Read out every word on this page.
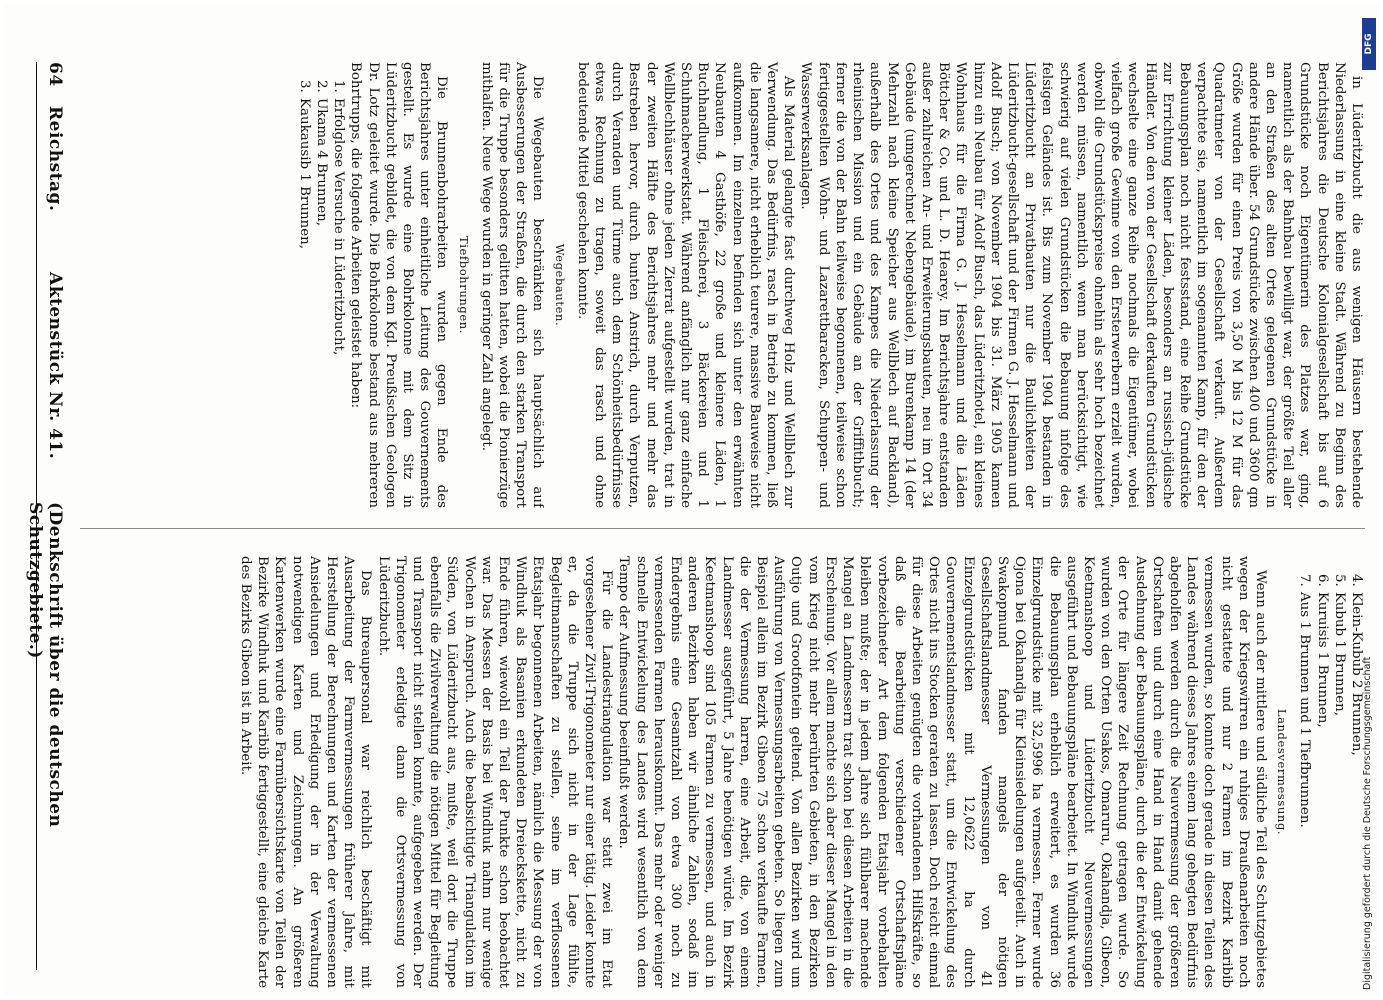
64
Reichstag.
Aktenstück Nr. 41.
(Denkschrift über die deutschen Schutzgebiete.)

in Lüderitzbucht die aus wenigen Häusern bestehende Niederlassung in eine kleine Stadt. Während zu Beginn des Berichtsjahres die Deutsche Kolonialgesellschaft bis auf 6 Grundstücke noch Eigentümerin des Platzes war, ging, namentlich als der Bahnbau bewilligt war, der größte Teil aller an den Straßen des alten Ortes gelegenen Grundstücke in andere Hände über. 54 Grundstücke zwischen 400 und 3600 qm Größe wurden für einen Preis von 3,50 M bis 12 M für das Quadratmeter von der Gesellschaft verkauft. Außerdem verpachtete sie, namentlich im sogenannten Kamp, für den der Bebauungsplan noch nicht festsstand, eine Reihe Grundstücke zur Errichtung kleiner Läden, besonders an russisch-jüdische Händler. Von den von der Gesellschaft derkauften Grundstücken wechselte eine ganze Reihe nochmals die Eigentümer, wobei vielfach große Gewinne von den Ersterwerbern erzielt wurden, obwohl die Grundstückspreise ohnehin als sehr hoch bezeichnet werden müssen, namentlich wenn man berücksichtigt, wie schwierig auf vielen Grundstücken die Bebauung infolge des felsigen Geländes ist. Bis zum November 1904 bestanden in Lüderitzbucht an Privatbauten nur die Baulichkeiten der Lüderitzbucht-gesellschaft und der Firmen G. J. Hesselmann und Adolf Busch; von November 1904 bis 31. März 1905 kamen hinzu ein Neubau für Adolf Busch, das Lüderitzhotel, ein kleines Wohnhaus für die Firma G. J. Hesselmann und die Läden Böttcher & Co. und L. D. Hearey. Im Berichtsjahre entstanden außer zahlreichen An- und Erweiterungsbauten, neu im Ort 34 Gebäude (umgerechnet Nebengebäude), im Burenkamp 14 (der Mehrzahl nach kleine Speicher aus Wellblech auf Backland), außerhalb des Ortes und des Kampes die Niederlassung der rheinischen Mission und ein Gebäude an der Griffithbucht; ferner die von der Bahn teilweise begonnenen, teilweise schon fertiggestellten Wohn- und Lazarettbaracken, Schuppen- und Wasserwerksanlagen.

Als Material gelangte fast durchweg Holz und Wellblech zur Verwendung. Das Bedürfnis, rasch in Betrieb zu kommen, ließ die langsamere, nicht erheblich teurere, massive Bauweise nicht aufkommen. Im einzelnen befinden sich unter den erwähnten Neubauten 4 Gasthöfe, 22 große und kleinere Läden, 1 Buchhandlung, 1 Fleischerei, 3 Bäckereien und 1 Schuhmacherwerkstatt. Während anfänglich nur ganz einfache Wellblechhäuser ohne jeden Zierrat aufgestellt wurden, trat in der zweiten Hälfte des Berichtsjahres mehr und mehr das Bestreben hervor, durch bunten Anstrich, durch Verputzen, durch Veranden und Türme auch dem Schönheitsbedürfnisse etwas Rechnung zu tragen, soweit das rasch und ohne bedeutende Mittel geschehen konnte.

Wegebauten.

Die Wegebauten beschränkten sich hauptsächlich auf Ausbesserungen der Straßen, die durch den starken Transport für die Truppe besonders gelitten hatten, wobei die Pionierzüge mithalfen. Neue Wege wurden in geringer Zahl angelegt.

Tiefbohrungen.

Die Brunnenbohrarbeiten wurden gegen Ende des Berichtsjahres unter einheitliche Leitung des Gouvernements gestellt. Es wurde eine Bohrkolonne mit dem Sitz in Lüderitzbucht gebildet, die von dem Kgl. Preußischen Geologen Dr. Lotz geleitet wurde. Die Bohrkolonne bestand aus mehreren Bohrtrupps, die folgende Arbeiten geleistet haben:

1.Erfolglose Versuche in Lüderitzbucht,
2.Ukama 4 Brunnen,
3.Kaukausib 1 Brunnen,
4.Klein-Kubub 2 Brunnen,
5.Kubub 1 Brunnen,
6.Kuruisis 1 Brunnen,
7.Aus 1 Brunnen und 1 Tiefbrunnen.
Landesvermessung.

Wenn auch der mittlere und südliche Teil des Schutzgebietes wegen der Kriegswirren ein ruhiges Draußenarbeiten noch nicht gestattete und nur 2 Farmen im Bezirk Karibib vermessen wurden, so konnte doch gerade in diesen Teilen des Landes während dieses Jahres einem lang gehegten Bedürfnis abgeholfen werden durch die Neuvermessung der größeren Ortschaften und durch eine Hand in Hand damit gehende Ausdehnung der Bebauungspläne, durch die der Entwickelung der Orte für längere Zeit Rechnung getragen wurde. So wurden von den Orten Usakos, Omaruru, Okahandja, Gibeon, Keetmanshoop und Lüderitzbucht Neuvermessungen ausgeführt und Bebauungspläne bearbeitet. In Windhuk wurde die Bebauungsplan erheblich erweitert, es wurden 36 Einzelgrundstücke mit 32,5996 ha vermessen. Ferner wurde Ojona bei Okahandja für Kleinsiedelungen aufgeteilt. Auch in Swakopmund fanden mangels der nötigen Gesellschaftslandmesser Vermessungen von 41 Einzelgrundstücken mit 12,0622 ha durch Gouvernementslandmesser statt, um die Entwickelung des Ortes nicht ins Stocken geraten zu lassen. Doch reicht einmal für diese Arbeiten genügten die vorhandenen Hilfskräfte, so daß die Bearbeitung verschiedener Ortschaftspläne vorbezeichneter Art dem folgenden Etatsjahr vorbehalten bleiben mußte; der in jedem Jahre sich fühlbarer machende Mangel an Landmessern trat schon bei diesen Arbeiten in die Erscheinung. Vor allem machte sich aber dieser Mangel in den vom Krieg nicht mehr berührten Gebieten, in den Bezirken Outjo und Grootfontein geltend. Von allen Bezirken wird um Ausführung von Vermessungsarbeiten gebeten. So liegen zum Beispiel allein im Bezirk Gibeon 75 schon verkaufte Farmen, die der Vermessung harren, eine Arbeit, die, von einem Landmesser ausgeführt, 5 Jahre benötigen würde. Im Bezirk Keetmanshoop sind 105 Farmen zu vermessen, und auch in anderen Bezirken haben wir ähnliche Zahlen, sodaß im Endergebnis eine Gesamtzahl von etwa 300 noch zu vermessenden Farmen herauskommt. Das mehr oder weniger schnelle Entwickelung des Landes wird wesentlich von dem Tempo der Aufmessung beeinflußt werden.

Für die Landestriangulation war statt zwei im Etat vorgesehener Zivil-Trigonometer nur einer tätig. Leider konnte er, da die Truppe sich nicht in der Lage fühlte, Begleitmannschaften zu stellen, seine im verflossenen Etatsjahr begonnenen Arbeiten, nämlich die Messung der von Windhuk als Basanien erkundeten Dreieckskette, nicht zu Ende führen, wiewohl ein Teil der Punkte schon beobachtet war. Das Messen der Basis bei Windhuk nahm nur wenige Wochen in Anspruch. Auch die beabsichtigte Triangulation im Süden, von Lüderitzbucht aus, mußte, weil dort die Truppe ebenfalls die Zivilverwaltung die nötigen Mittel für Begleitung und Transport nicht stellen konnte, aufgegeben werden. Der Trigonometer erledigte dann die Ortsvermessung von Lüderitzbucht.

Das Bureaupersonal war reichlich beschäftigt mit Ausarbeitung der Farmvermessungen früherer Jahre, mit Herstellung der Berechnungen und Karten der vermessenen Ansiedelungen und Erledigung der in der Verwaltung notwendigen Karten und Zeichnungen. An größeren Kartenwerken wurde eine Farmübersichtskarte von Teilen der Bezirke Windhuk und Karibib fertiggestellt, eine gleiche Karte des Bezirks Gibeon ist in Arbeit.	Digitalisierung gefördert durch die Deutsche Forschungsgemeinschaft
DFG
